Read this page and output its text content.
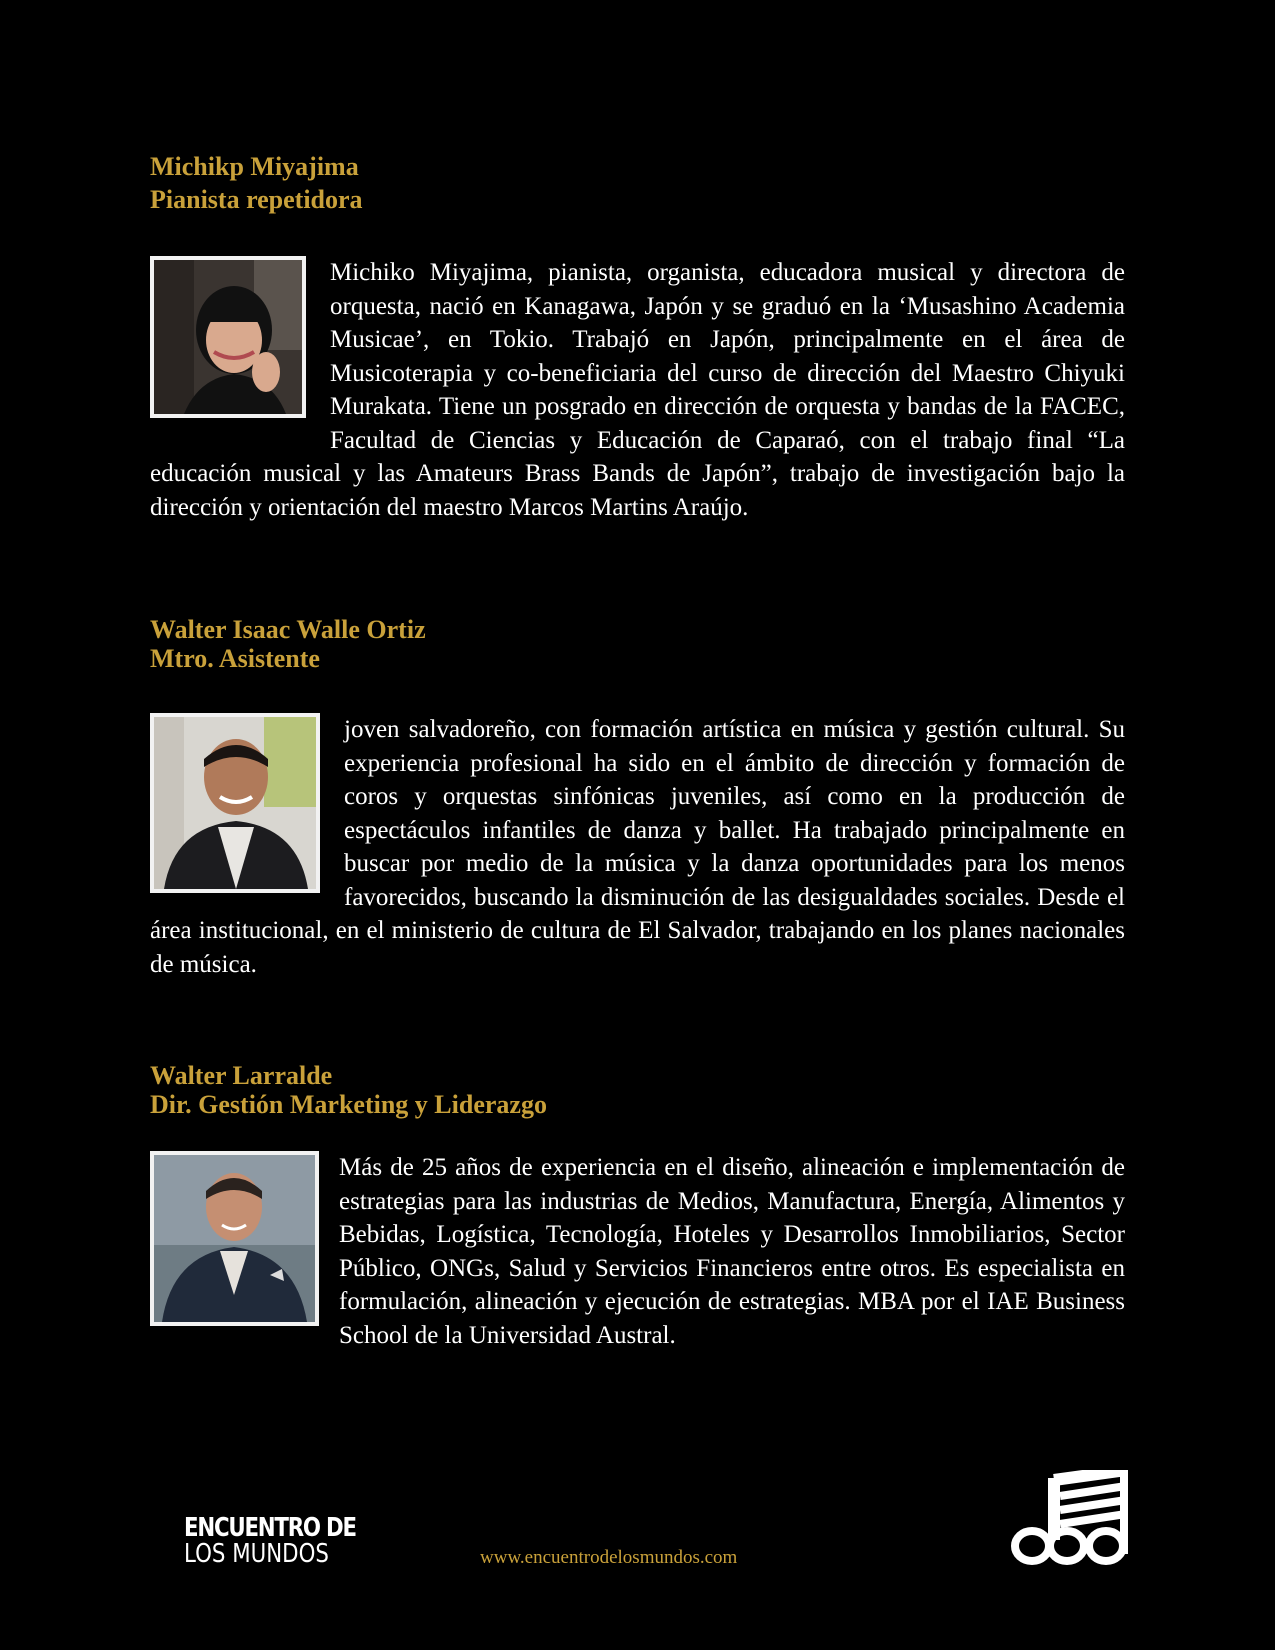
Michikp Miyajima

Pianista repetidora

Michiko Miyajima, pianista, organista, educadora musical y directora de orquesta, nació en Kanagawa, Japón y se graduó en la ‘Musashino Academia Musicae’, en Tokio. Trabajó en Japón, principalmente en el área de Musicoterapia y co-beneficiaria del curso de dirección del Maestro Chiyuki Murakata. Tiene un posgrado en dirección de orquesta y bandas de la FACEC, Facultad de Ciencias y Educación de Caparaó, con el trabajo final “La educación musical y las Amateurs Brass Bands de Japón”, trabajo de investigación bajo la dirección y orientación del maestro Marcos Martins Araújo.

Walter Isaac Walle Ortiz

Mtro. Asistente

joven salvadoreño, con formación artística en música y gestión cultural. Su experiencia profesional ha sido en el ámbito de dirección y formación de coros y orquestas sinfónicas juveniles, así como en la producción de espectáculos infantiles de danza y ballet. Ha trabajado principalmente en buscar por medio de la música y la danza oportunidades para los menos favorecidos, buscando la disminución de las desigualdades sociales. Desde el área institucional, en el ministerio de cultura de El Salvador, trabajando en los planes nacionales de música.

Walter Larralde

Dir. Gestión Marketing y Liderazgo

Más de 25 años de experiencia en el diseño, alineación e implementación de estrategias para las industrias de Medios, Manufactura, Energía, Alimentos y Bebidas, Logística, Tecnología, Hoteles y Desarrollos Inmobiliarios, Sector Público, ONGs, Salud y Servicios Financieros entre otros. Es especialista en formulación, alineación y ejecución de estrategias. MBA por el IAE Business School de la Universidad Austral.

ENCUENTRO DE
LOS MUNDOS	www.encuentrodelosmundos.com
